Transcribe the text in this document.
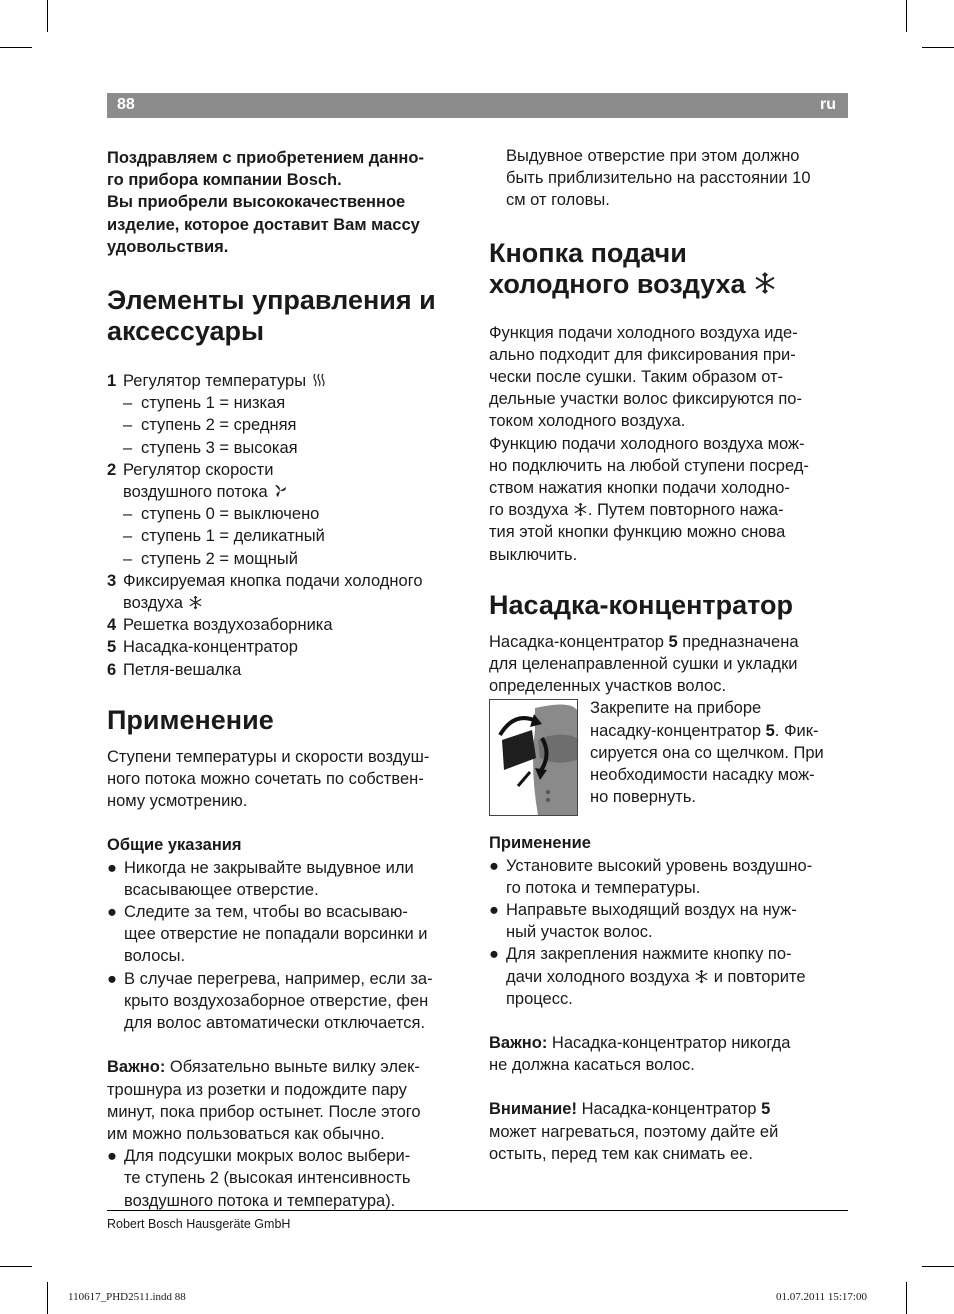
88	ru

Поздравляем с приобретением данно-

го прибора компании Bosch.

Вы приобрели высококачественное

изделие, которое доставит Вам массу

удовольствия.

Элементы управления и
аксессуары
1 Регулятор температуры
– ступень 1 = низкая
– ступень 2 = средняя
– ступень 3 = высокая
2 Регулятор скорости
воздушного потока
– ступень 0 = выключено
– ступень 1 = деликатный
– ступень 2 = мощный
3 Фиксируемая кнопка подачи холодного
воздуха
4 Решетка воздухозаборника
5 Насадка-концентратор
6 Петля-вешалка
Применение

Ступени температуры и скорости воздуш-

ного потока можно сочетать по собствен-

ному усмотрению.

Общие указания

● Никогда не закрывайте выдувное или
всасывающее отверстие.
● Следите за тем, чтобы во всасываю-
щее отверстие не попадали ворсинки и
волосы.
● В случае перегрева, например, если за-
крыто воздухозаборное отверстие, фен
для волос автоматически отключается.

Важно: Обязательно выньте вилку элек-

трошнура из розетки и подождите пару

минут, пока прибор остынет. После этого

им можно пользоваться как обычно.

● Для подсушки мокрых волос выбери-
те ступень 2 (высокая интенсивность
воздушного потока и температура).

Выдувное отверстие при этом должно

быть приблизительно на расстоянии 10

см от головы.

Кнопка подачи
холодного воздуха

Функция подачи холодного воздуха иде-

ально подходит для фиксирования при-

чески после сушки. Таким образом от-

дельные участки волос фиксируются по-

током холодного воздуха.

Функцию подачи холодного воздуха мож-

но подключить на любой ступени посред-

ством нажатия кнопки подачи холодно-

го воздуха . Путем повторного нажа-

тия этой кнопки функцию можно снова

выключить.

Насадка-концентратор

Насадка-концентратор 5 предназначена

для целенаправленной сушки и укладки

определенных участков волос.

Закрепите на приборе

насадку-концентратор 5. Фик-

сируется она со щелчком. При

необходимости насадку мож-

но повернуть.

Применение

● Установите высокий уровень воздушно-
го потока и температуры.
● Направьте выходящий воздух на нуж-
ный участок волос.
● Для закрепления нажмите кнопку по-
дачи холодного воздуха  и повторите
процесс.

Важно: Насадка-концентратор никогда

не должна касаться волос.

Внимание! Насадка-концентратор 5

может нагреваться, поэтому дайте ей

остыть, перед тем как снимать ее.

Robert Bosch Hausgeräte GmbH
110617_PHD2511.indd 88	01.07.2011 15:17:00
